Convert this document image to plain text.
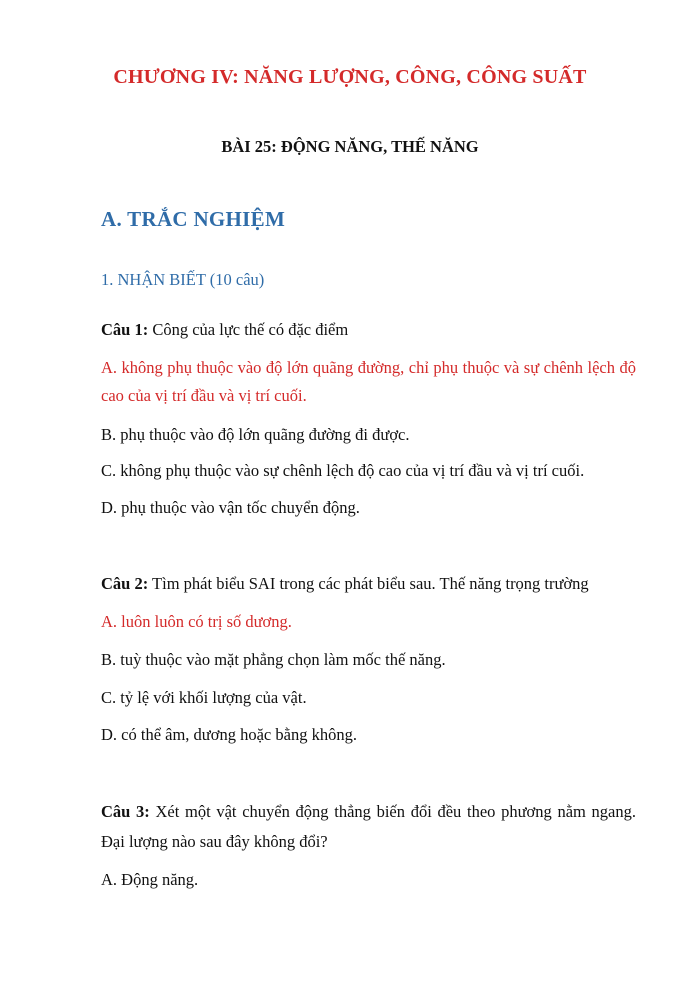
CHƯƠNG IV: NĂNG LƯỢNG, CÔNG, CÔNG SUẤT
BÀI 25: ĐỘNG NĂNG, THẾ NĂNG
A. TRẮC NGHIỆM
1. NHẬN BIẾT (10 câu)
Câu 1: Công của lực thế có đặc điểm
A. không phụ thuộc vào độ lớn quãng đường, chỉ phụ thuộc và sự chênh lệch độ cao của vị trí đầu và vị trí cuối.
B. phụ thuộc vào độ lớn quãng đường đi được.
C. không phụ thuộc vào sự chênh lệch độ cao của vị trí đầu và vị trí cuối.
D. phụ thuộc vào vận tốc chuyển động.
Câu 2: Tìm phát biểu SAI trong các phát biểu sau. Thế năng trọng trường
A. luôn luôn có trị số dương.
B. tuỳ thuộc vào mặt phẳng chọn làm mốc thế năng.
C. tỷ lệ với khối lượng của vật.
D. có thể âm, dương hoặc bằng không.
Câu 3: Xét một vật chuyển động thẳng biến đổi đều theo phương nằm ngang. Đại lượng nào sau đây không đổi?
A. Động năng.
